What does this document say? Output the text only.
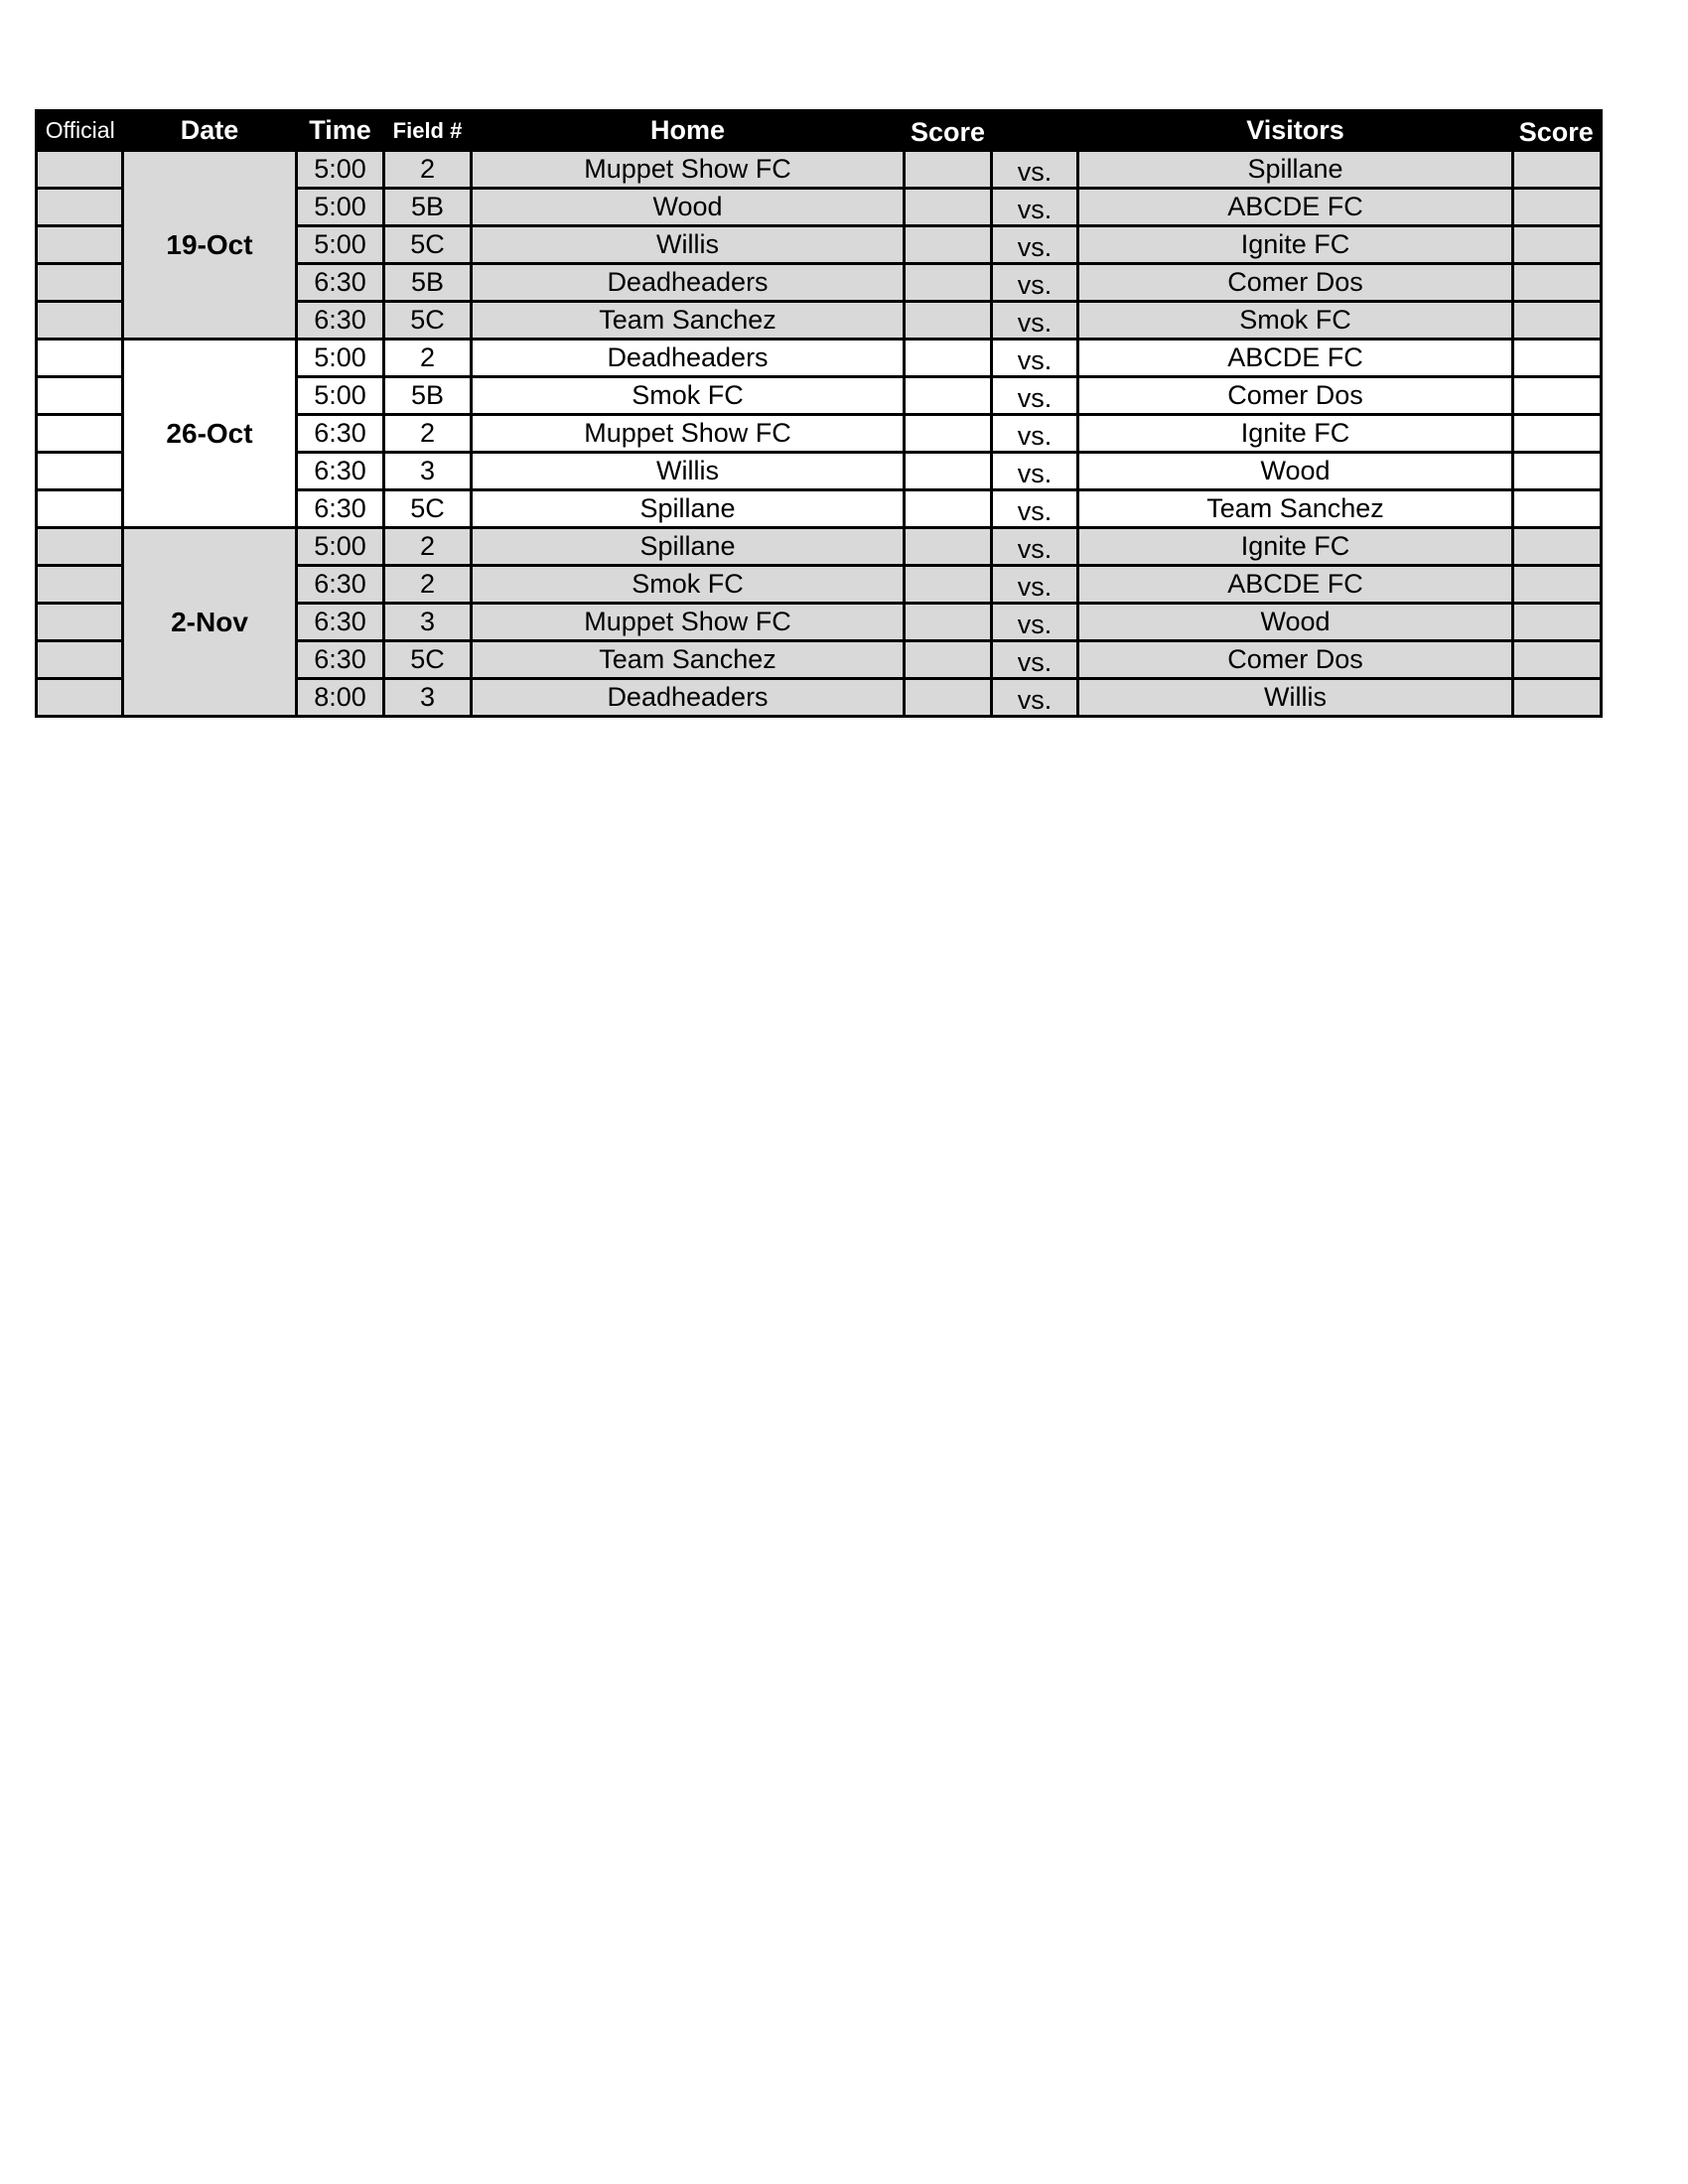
Official	Date	Time	Field #	Home	Score		Visitors	Score
	19-Oct	5:00	2	Muppet Show FC		vs.	Spillane	
		5:00	5B	Wood		vs.	ABCDE FC	
		5:00	5C	Willis		vs.	Ignite FC	
		6:30	5B	Deadheaders		vs.	Comer Dos	
		6:30	5C	Team Sanchez		vs.	Smok FC	
	26-Oct	5:00	2	Deadheaders		vs.	ABCDE FC	
		5:00	5B	Smok FC		vs.	Comer Dos	
		6:30	2	Muppet Show FC		vs.	Ignite FC	
		6:30	3	Willis		vs.	Wood	
		6:30	5C	Spillane		vs.	Team Sanchez	
	2-Nov	5:00	2	Spillane		vs.	Ignite FC	
		6:30	2	Smok FC		vs.	ABCDE FC	
		6:30	3	Muppet Show FC		vs.	Wood	
		6:30	5C	Team Sanchez		vs.	Comer Dos	
		8:00	3	Deadheaders		vs.	Willis	
